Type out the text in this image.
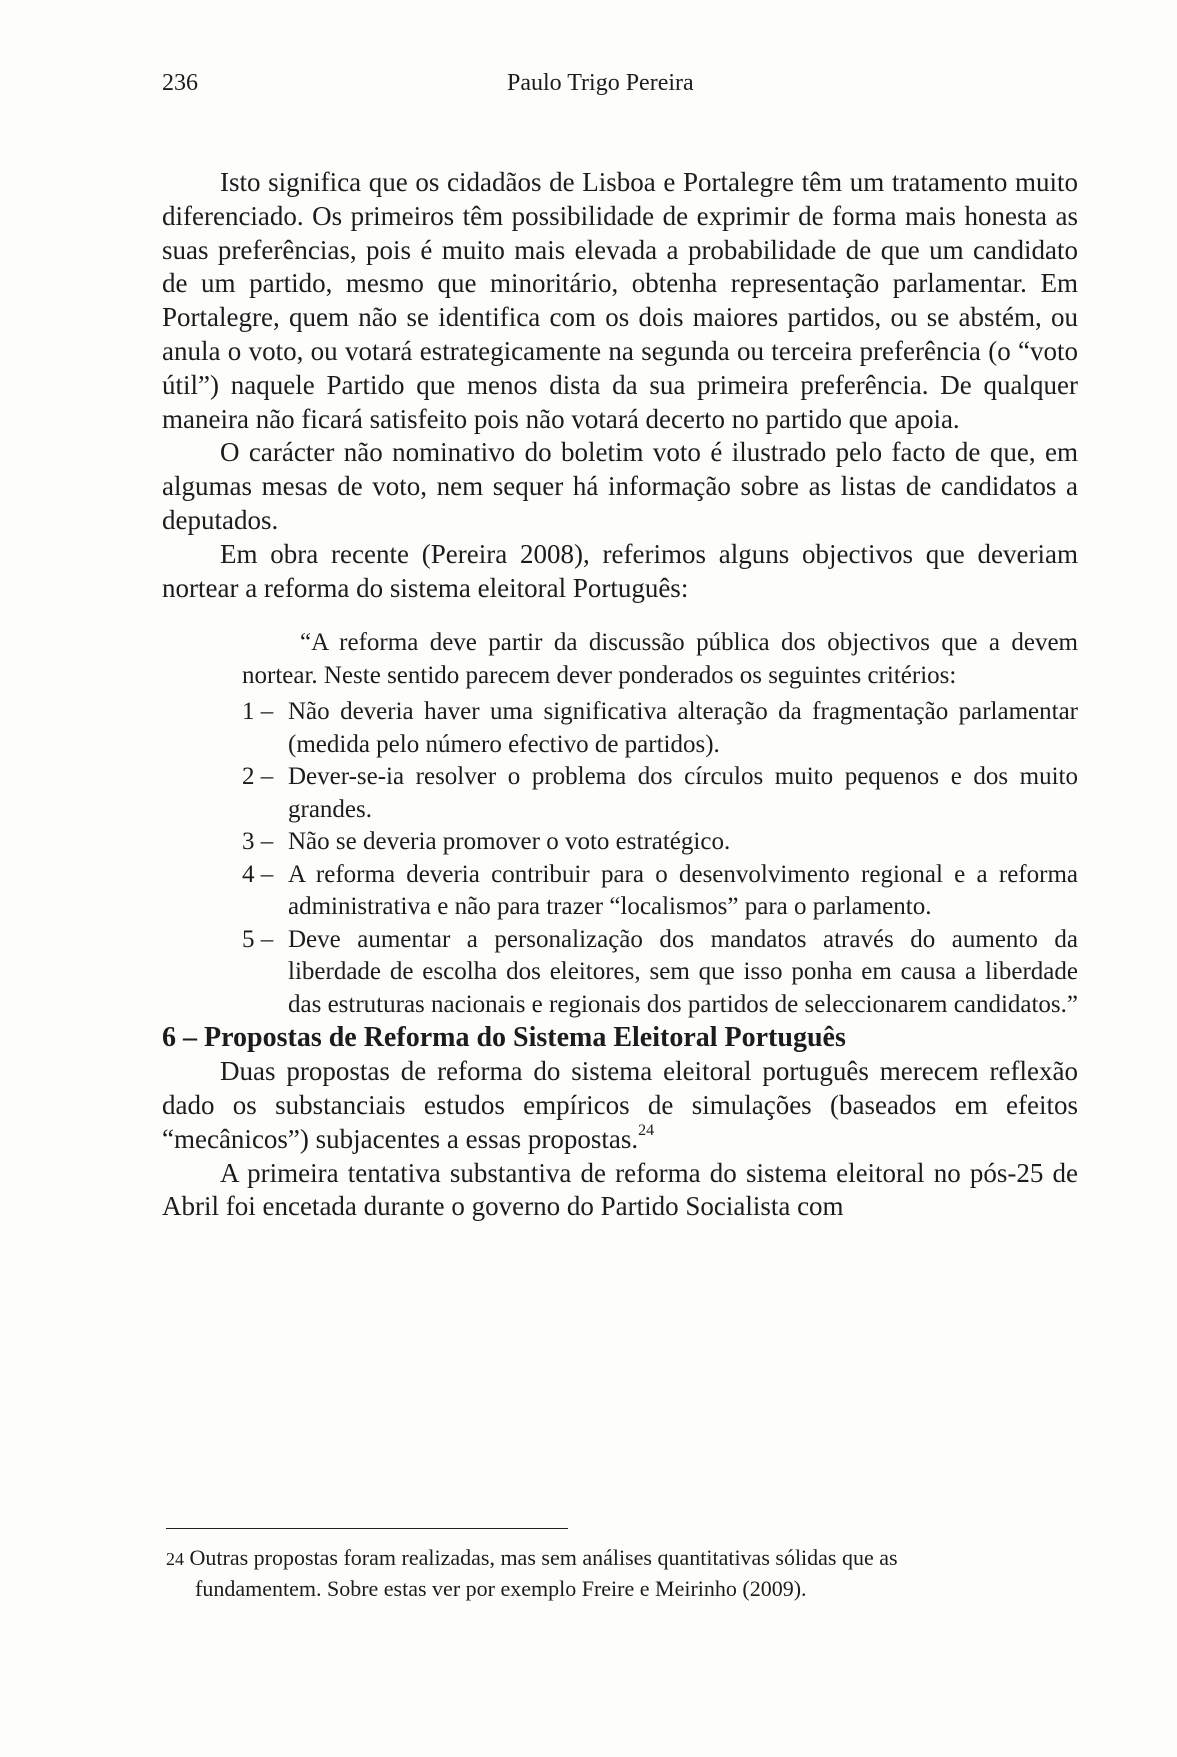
236	Paulo Trigo Pereira

Isto significa que os cidadãos de Lisboa e Portalegre têm um tratamento muito diferenciado. Os primeiros têm possibilidade de exprimir de forma mais honesta as suas preferências, pois é muito mais elevada a probabilidade de que um candidato de um partido, mesmo que minoritário, obtenha representação parlamentar. Em Portalegre, quem não se identifica com os dois maiores partidos, ou se abstém, ou anula o voto, ou votará estrategicamente na segunda ou terceira preferência (o “voto útil”) naquele Partido que menos dista da sua primeira preferência. De qualquer maneira não ficará satisfeito pois não votará decerto no partido que apoia.

O carácter não nominativo do boletim voto é ilustrado pelo facto de que, em algumas mesas de voto, nem sequer há informação sobre as listas de candidatos a deputados.

Em obra recente (Pereira 2008), referimos alguns objectivos que deveriam nortear a reforma do sistema eleitoral Português:

“A reforma deve partir da discussão pública dos objectivos que a devem nortear. Neste sentido parecem dever ponderados os seguintes critérios:

1 – Não deveria haver uma significativa alteração da fragmentação parlamentar (medida pelo número efectivo de partidos).
2 – Dever-se-ia resolver o problema dos círculos muito pequenos e dos muito grandes.
3 – Não se deveria promover o voto estratégico.
4 – A reforma deveria contribuir para o desenvolvimento regional e a reforma administrativa e não para trazer “localismos” para o parlamento.
5 – Deve aumentar a personalização dos mandatos através do aumento da liberdade de escolha dos eleitores, sem que isso ponha em causa a liberdade das estruturas nacionais e regionais dos partidos de seleccionarem candidatos.”

6 – Propostas de Reforma do Sistema Eleitoral Português

Duas propostas de reforma do sistema eleitoral português merecem reflexão dado os substanciais estudos empíricos de simulações (baseados em efeitos “mecânicos”) subjacentes a essas propostas.$^{24}$

A primeira tentativa substantiva de reforma do sistema eleitoral no pós-25 de Abril foi encetada durante o governo do Partido Socialista com

24 Outras propostas foram realizadas, mas sem análises quantitativas sólidas que as
fundamentem. Sobre estas ver por exemplo Freire e Meirinho (2009).
